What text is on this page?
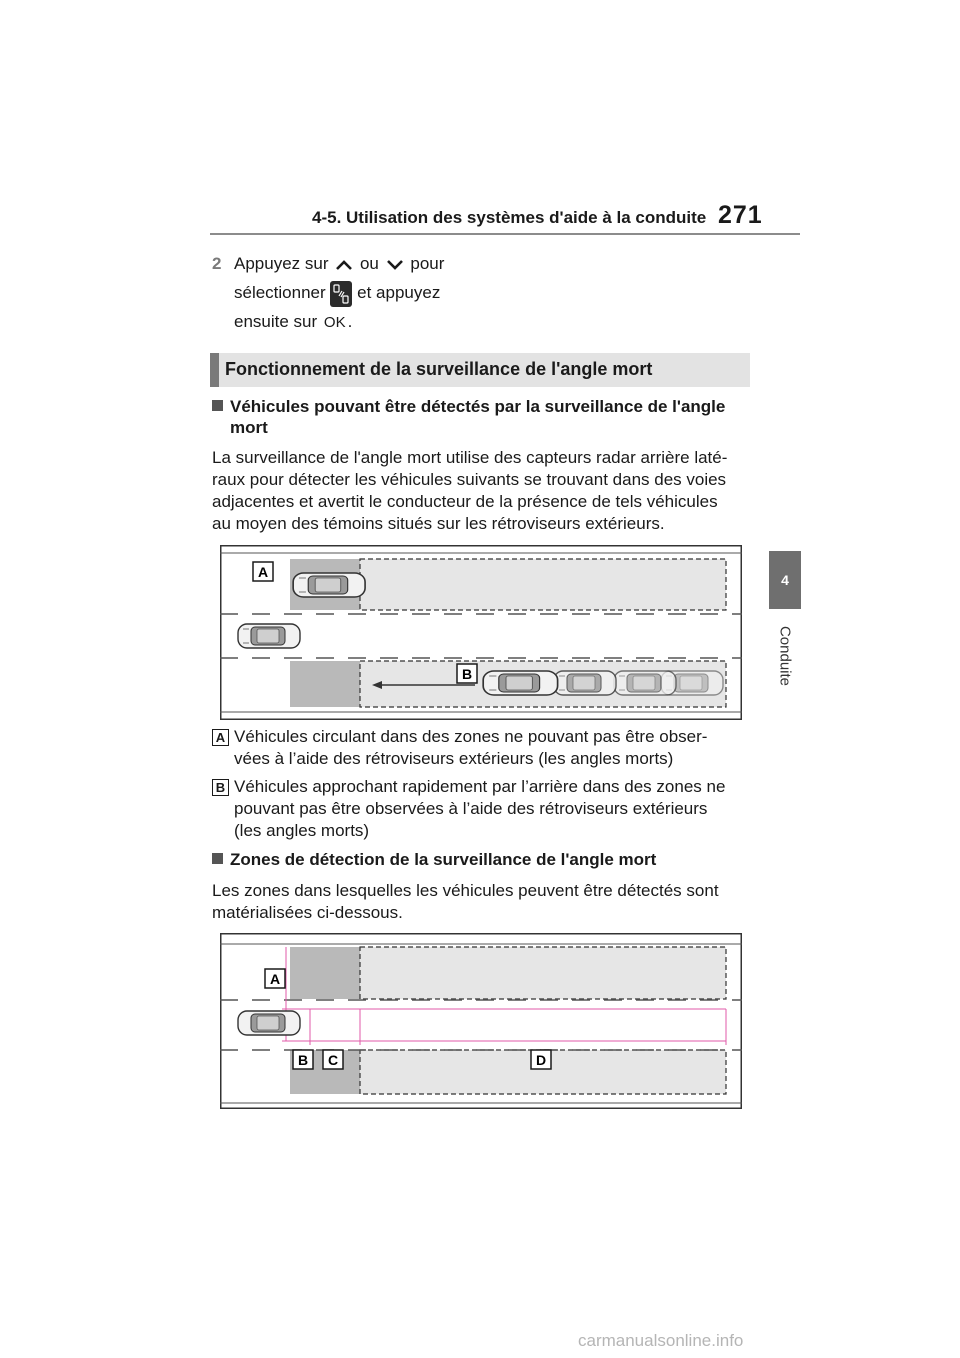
4-5. Utilisation des systèmes d'aide à la conduite 271
4
Conduite
2 Appuyez sur ou pour
sélectionner et appuyez
ensuite sur OK .
Fonctionnement de la surveillance de l'angle mort
Véhicules pouvant être détectés par la surveillance de l'angle
mort
La surveillance de l'angle mort utilise des capteurs radar arrière laté-
raux pour détecter les véhicules suivants se trouvant dans des voies
adjacentes et avertit le conducteur de la présence de tels véhicules
au moyen des témoins situés sur les rétroviseurs extérieurs.
A
B
A Véhicules circulant dans des zones ne pouvant pas être obser-
vées à l’aide des rétroviseurs extérieurs (les angles morts)
B Véhicules approchant rapidement par l’arrière dans des zones ne
pouvant pas être observées à l’aide des rétroviseurs extérieurs
(les angles morts)
Zones de détection de la surveillance de l'angle mort
Les zones dans lesquelles les véhicules peuvent être détectés sont
matérialisées ci-dessous.
A
B C	D
carmanualsonline.info
